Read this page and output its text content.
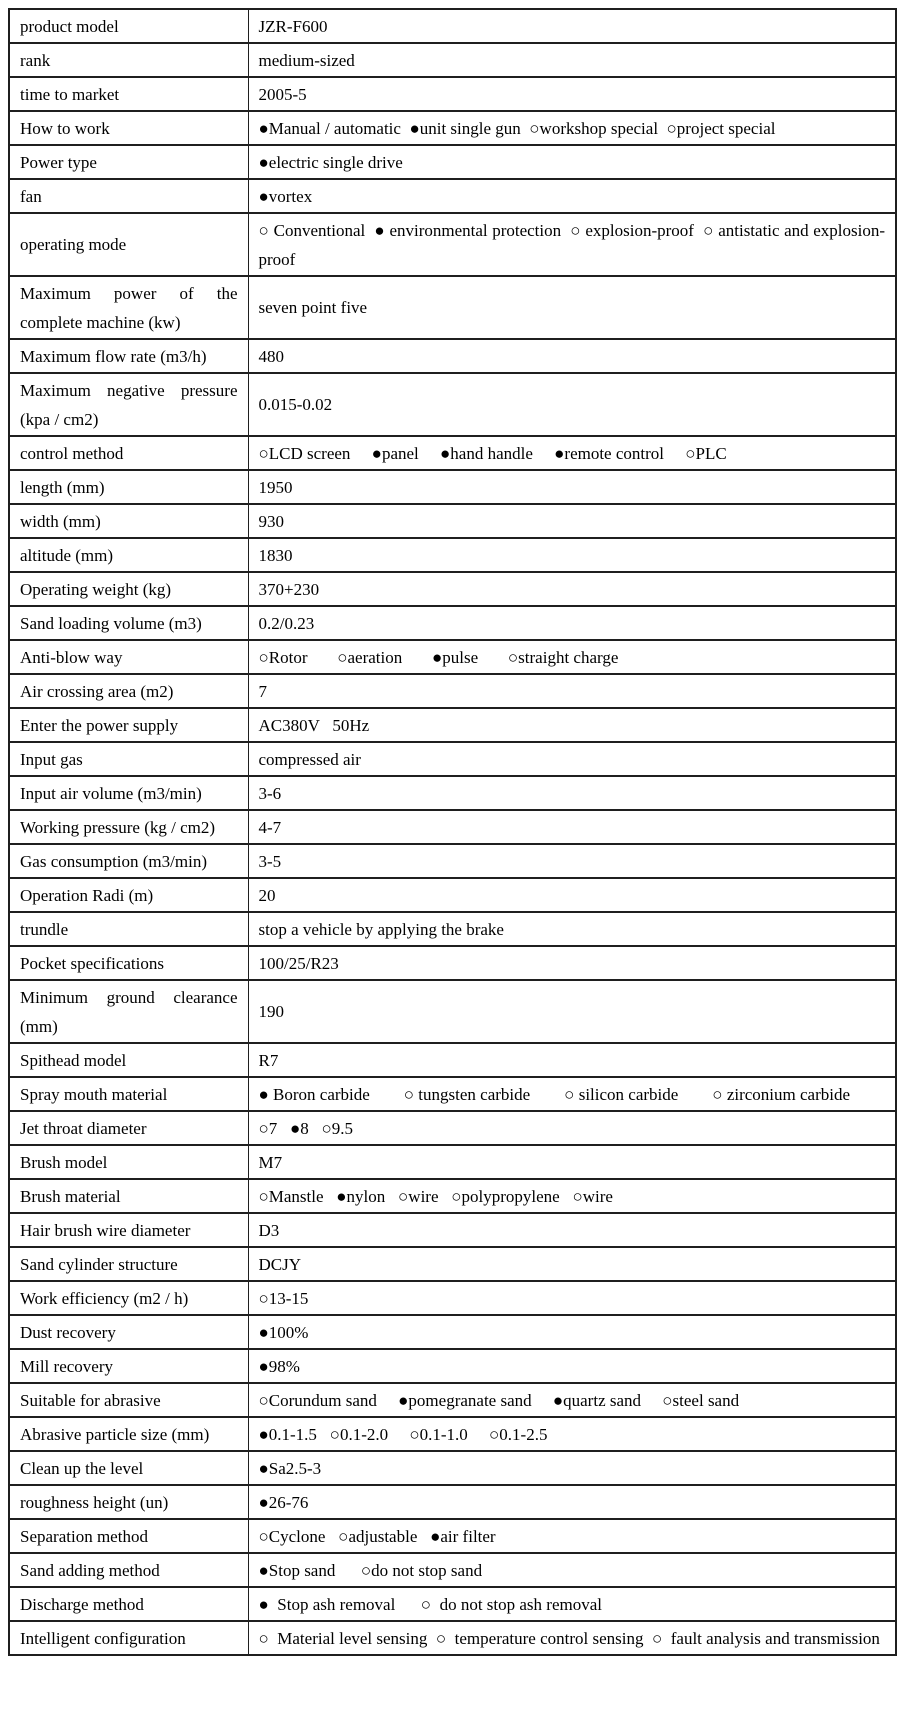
product model	JZR-F600
rank	medium-sized
time to market	2005-5
How to work	●Manual / automatic  ●unit single gun  ○workshop special  ○project special
Power type	●electric single drive
fan	●vortex
operating mode	○ Conventional  ● environmental protection  ○ explosion-proof  ○ antistatic and explosion-proof
Maximum power of the complete machine (kw)	seven point five
Maximum flow rate (m3/h)	480
Maximum negative pressure (kpa / cm2)	0.015-0.02
control method	○LCD screen     ●panel     ●hand handle     ●remote control     ○PLC
length (mm)	1950
width (mm)	930
altitude (mm)	1830
Operating weight (kg)	370+230
Sand loading volume (m3)	0.2/0.23
Anti-blow way	○Rotor       ○aeration       ●pulse       ○straight charge
Air crossing area (m2)	7
Enter the power supply	AC380V   50Hz
Input gas	compressed air
Input air volume (m3/min)	3-6
Working pressure (kg / cm2)	4-7
Gas consumption (m3/min)	3-5
Operation Radi (m)	20
trundle	stop a vehicle by applying the brake
Pocket specifications	100/25/R23
Minimum ground clearance (mm)	190
Spithead model	R7
Spray mouth material	● Boron carbide        ○ tungsten carbide        ○ silicon carbide        ○ zirconium carbide
Jet throat diameter	○7   ●8   ○9.5
Brush model	M7
Brush material	○Manstle   ●nylon   ○wire   ○polypropylene   ○wire
Hair brush wire diameter	D3
Sand cylinder structure	DCJY
Work efficiency (m2 / h)	○13-15
Dust recovery	●100%
Mill recovery	●98%
Suitable for abrasive	○Corundum sand     ●pomegranate sand     ●quartz sand     ○steel sand
Abrasive particle size (mm)	●0.1-1.5   ○0.1-2.0     ○0.1-1.0     ○0.1-2.5
Clean up the level	●Sa2.5-3
roughness height (un)	●26-76
Separation method	○Cyclone   ○adjustable   ●air filter
Sand adding method	●Stop sand      ○do not stop sand
Discharge method	●  Stop ash removal      ○  do not stop ash removal
Intelligent configuration	○  Material level sensing  ○  temperature control sensing  ○  fault analysis and transmission
